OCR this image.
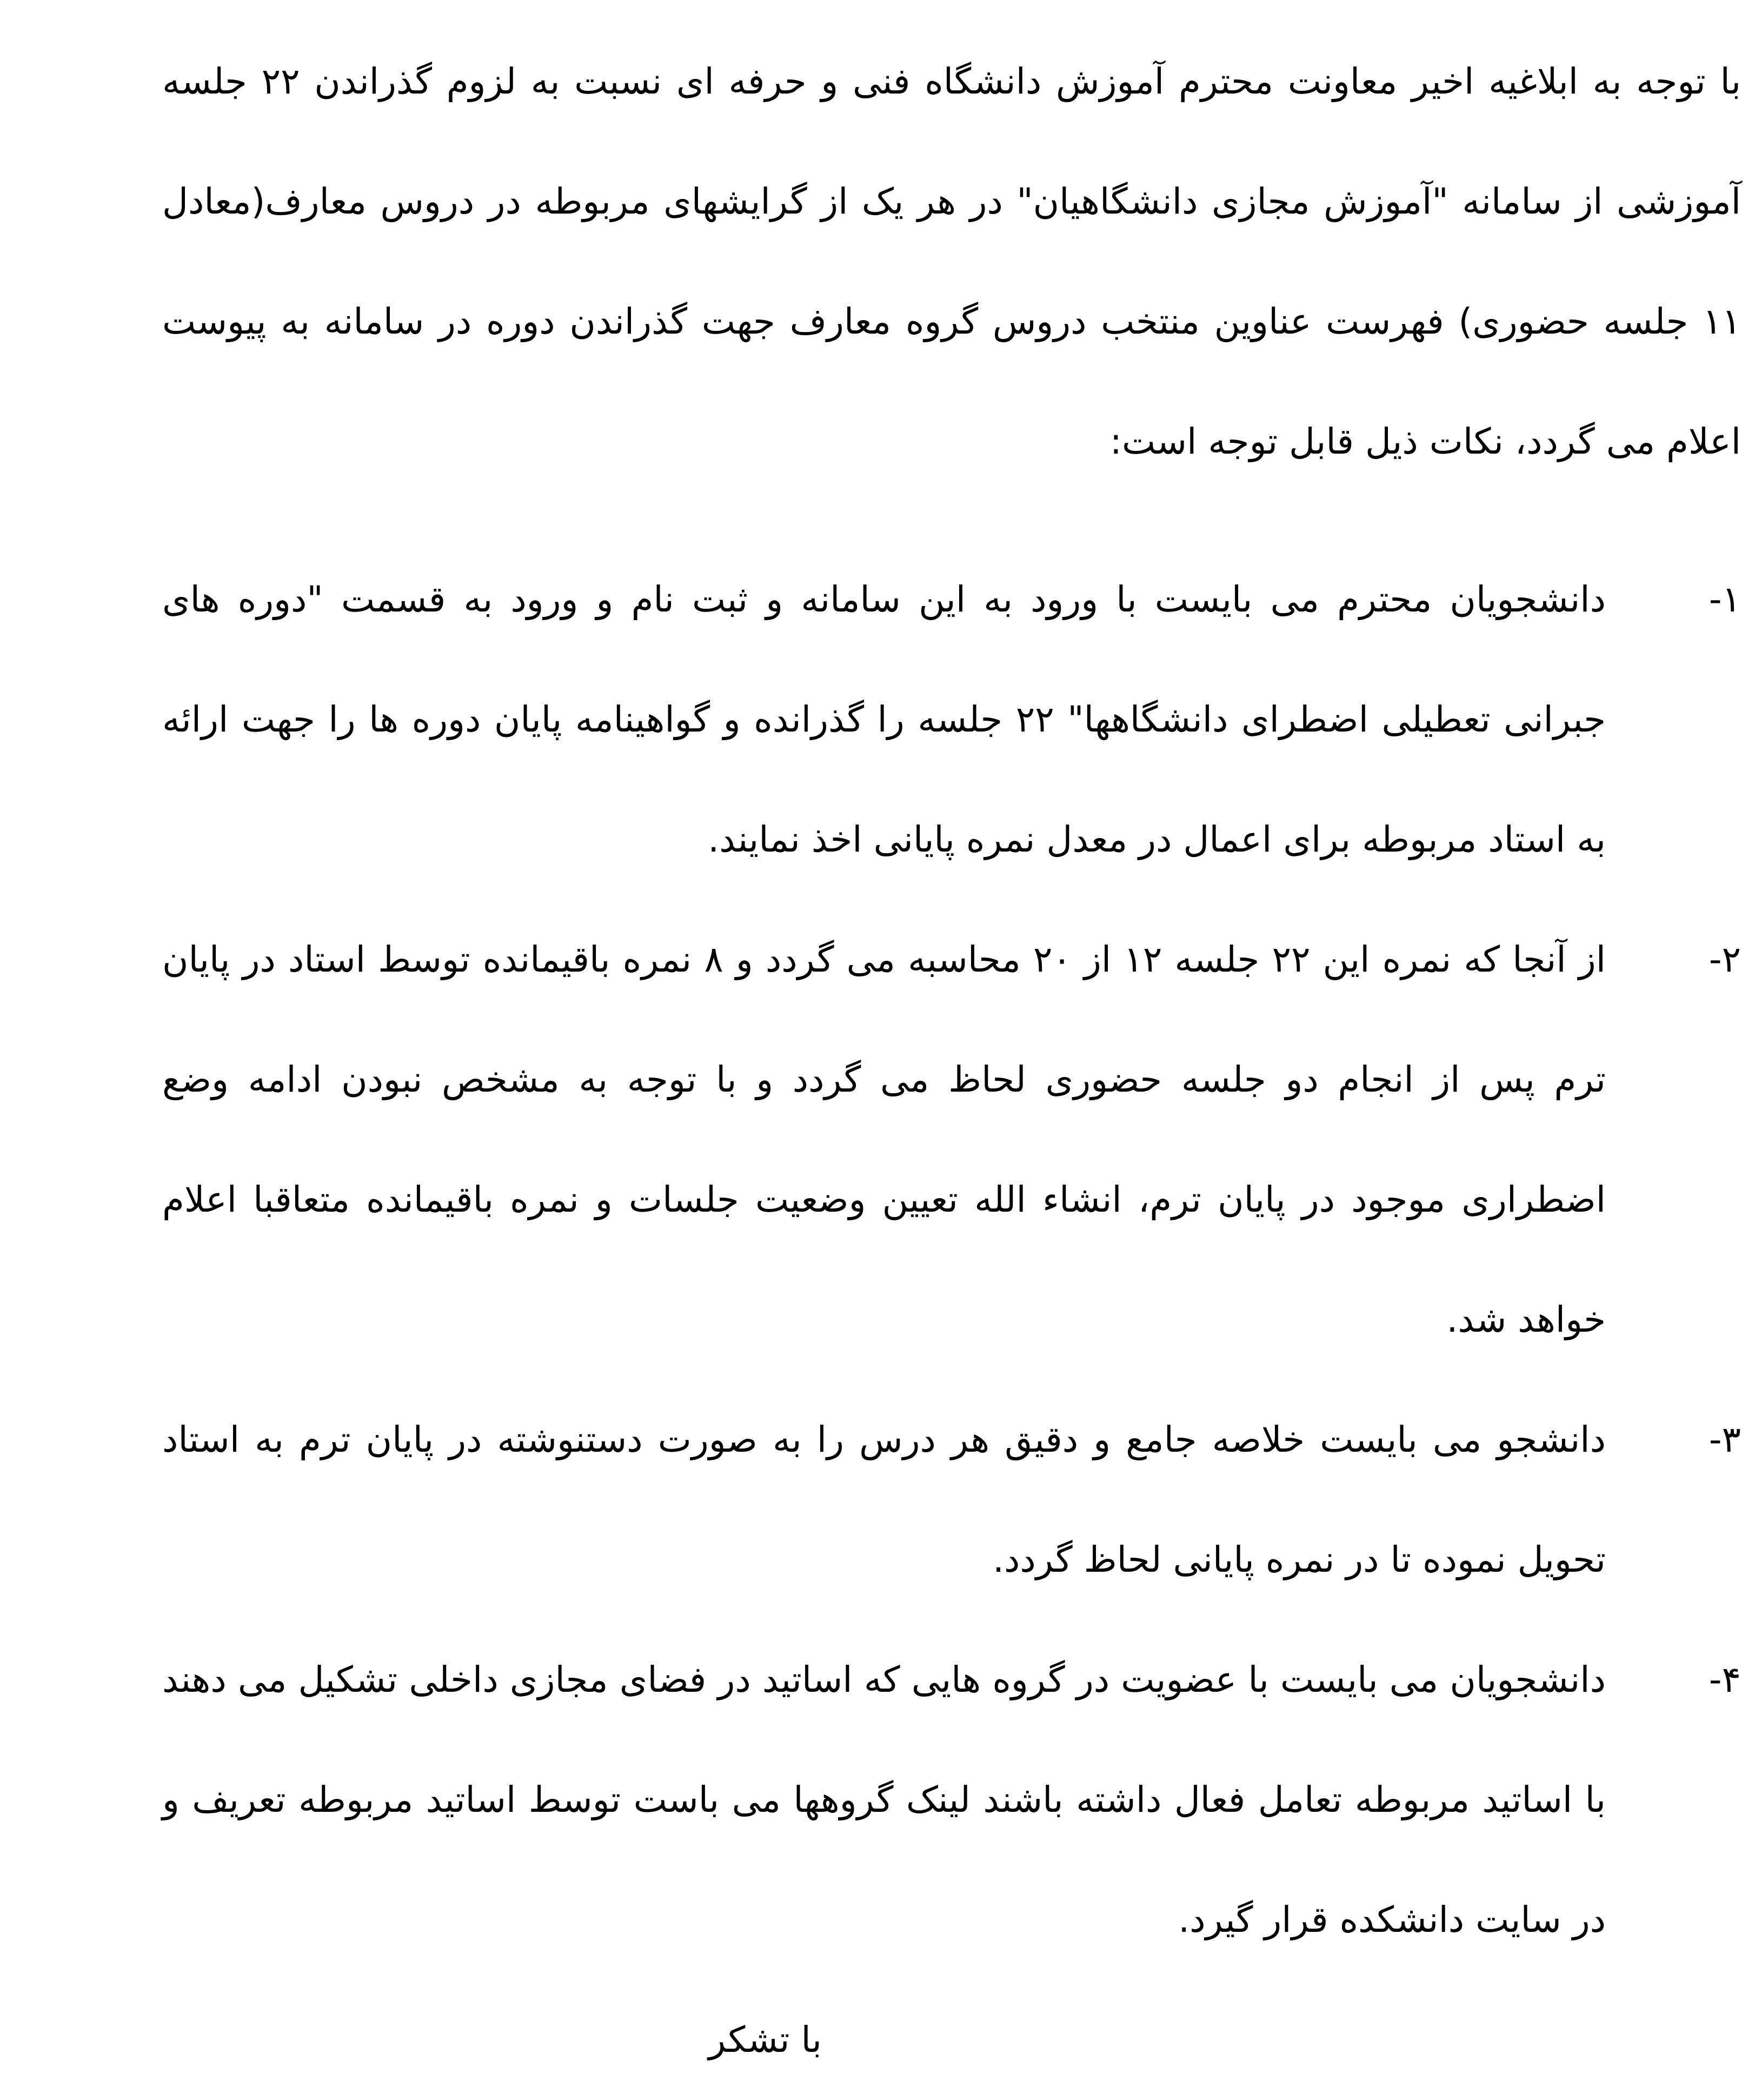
با توجه به ابلاغیه اخیر معاونت محترم آموزش دانشگاه فنی و حرفه ای نسبت به لزوم گذراندن ۲۲ جلسه آموزشی از سامانه "آموزش مجازی دانشگاهیان" در هر یک از گرایشهای مربوطه در دروس معارف(معادل ۱۱ جلسه حضوری) فهرست عناوین منتخب دروس گروه معارف جهت گذراندن دوره در سامانه به پیوست اعلام می گردد، نکات ذیل قابل توجه است:

۱-
دانشجویان محترم می بایست با ورود به این سامانه و ثبت نام و ورود به قسمت "دوره های جبرانی تعطیلی اضطرای دانشگاهها" ۲۲ جلسه را گذرانده و گواهینامه پایان دوره ها را جهت ارائه به استاد مربوطه برای اعمال در معدل نمره پایانی اخذ نمایند.
۲-
از آنجا که نمره این ۲۲ جلسه ۱۲ از ۲۰ محاسبه می گردد و ۸ نمره باقیمانده توسط استاد در پایان ترم پس از انجام دو جلسه حضوری لحاظ می گردد و با توجه به مشخص نبودن ادامه وضع اضطراری موجود در پایان ترم، انشاء الله تعیین وضعیت جلسات و نمره باقیمانده متعاقبا اعلام خواهد شد.
۳-
دانشجو می بایست خلاصه جامع و دقیق هر درس را به صورت دستنوشته در پایان ترم به استاد تحویل نموده تا در نمره پایانی لحاظ گردد.
۴-
دانشجویان می بایست با عضویت در گروه هایی که اساتید در فضای مجازی داخلی تشکیل می دهند با اساتید مربوطه تعامل فعال داشته باشند لینک گروهها می باست توسط اساتید مربوطه تعریف و در سایت دانشکده قرار گیرد.

با تشکر
